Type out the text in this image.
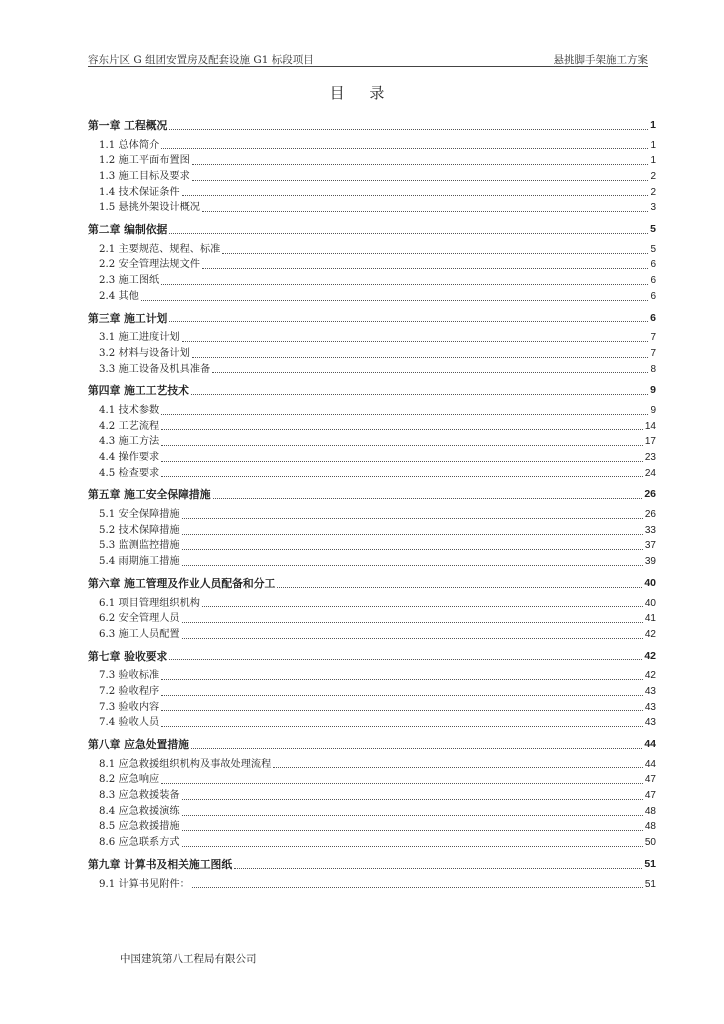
容东片区 G 组团安置房及配套设施 G1 标段项目	悬挑脚手架施工方案
目 录
第一章 工程概况	1
1.1 总体简介	1
1.2 施工平面布置图	1
1.3 施工目标及要求	2
1.4 技术保证条件	2
1.5 悬挑外架设计概况	3
第二章 编制依据	5
2.1 主要规范、规程、标准	5
2.2 安全管理法规文件	6
2.3 施工图纸	6
2.4 其他	6
第三章 施工计划	6
3.1 施工进度计划	7
3.2 材料与设备计划	7
3.3 施工设备及机具准备	8
第四章 施工工艺技术	9
4.1 技术参数	9
4.2 工艺流程	14
4.3 施工方法	17
4.4 操作要求	23
4.5 检查要求	24
第五章 施工安全保障措施	26
5.1 安全保障措施	26
5.2 技术保障措施	33
5.3 监测监控措施	37
5.4 雨期施工措施	39
第六章 施工管理及作业人员配备和分工	40
6.1 项目管理组织机构	40
6.2 安全管理人员	41
6.3 施工人员配置	42
第七章 验收要求	42
7.3 验收标准	42
7.2 验收程序	43
7.3 验收内容	43
7.4 验收人员	43
第八章 应急处置措施	44
8.1 应急救援组织机构及事故处理流程	44
8.2 应急响应	47
8.3 应急救援装备	47
8.4 应急救援演练	48
8.5 应急救援措施	48
8.6 应急联系方式	50
第九章 计算书及相关施工图纸	51
9.1 计算书见附件：	51
中国建筑第八工程局有限公司
